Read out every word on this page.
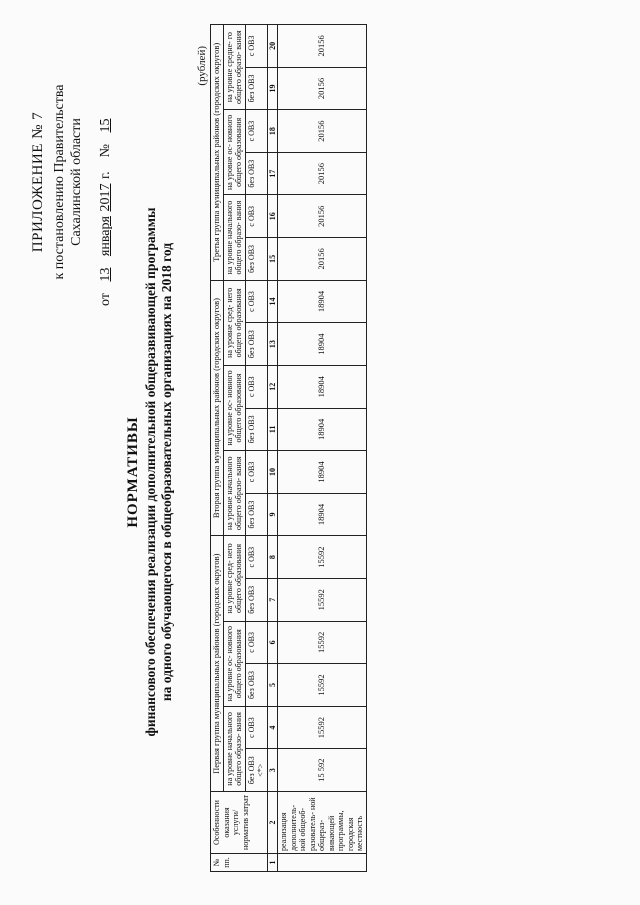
ПРИЛОЖЕНИЕ № 7 к постановлению Правительства Сахалинской области
от 13 января 2017 г.    № 15
НОРМАТИВЫ финансового обеспечения реализации дополнительной общеразвивающей программы на одного обучающегося в общеобразовательных организациях на 2018 год
(рублей)
№ пп.	Особенности оказания услуги/ норматив затрат	Первая группа муниципальных районов (городских округов)						Вторая группа муниципальных районов (городских округов)						Третья группа муниципальных районов (городских округов)					
		на уровне начального общего образо- вания		на уровне ос- новного общего образования		на уровне сред- него общего образования		на уровне начального общего образо- вания		на уровне ос- новного общего образования		на уровне сред- него общего образования		на уровне начального общего образо- вания		на уровне ос- новного общего образования		на уровне средне- го общего образо- вания	
		без ОВЗ <*>	с ОВЗ	без ОВЗ	с ОВЗ	без ОВЗ	с ОВЗ	без ОВЗ	с ОВЗ	без ОВЗ	с ОВЗ	без ОВЗ	с ОВЗ	без ОВЗ	с ОВЗ	без ОВЗ	с ОВЗ	без ОВЗ	с ОВЗ
1	2	3	4	5	6	7	8	9	10	11	12	13	14	15	16	17	18	19	20
	реализация дополнитель- ной общеоб- разователь- ной общераз- вивающей программы, городская местность	15 592	15592	15592	15592	15592	15592	18904	18904	18904	18904	18904	18904	20156	20156	20156	20156	20156	20156
